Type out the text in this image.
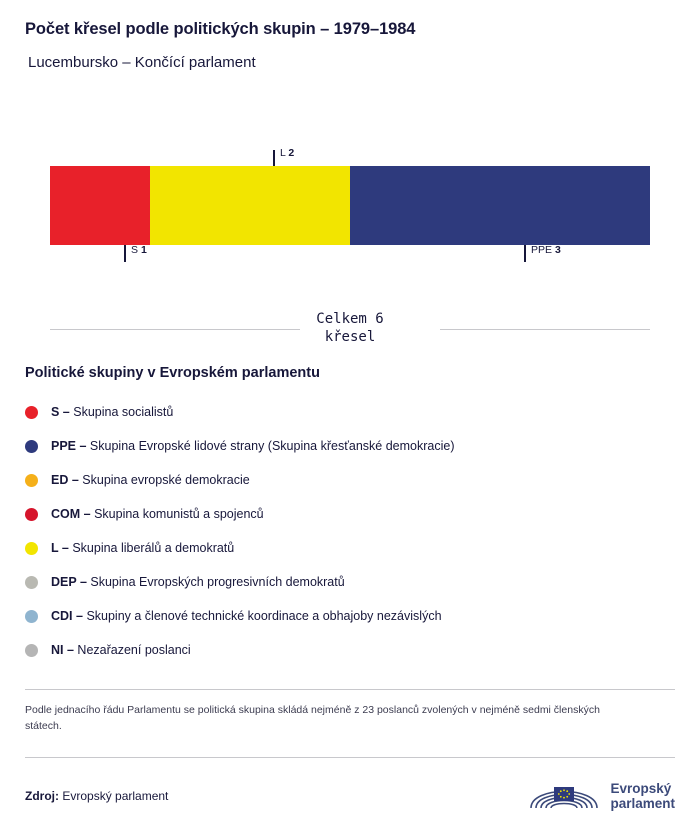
Počet křesel podle politických skupin – 1979–1984
Lucembursko – Končící parlament
L 2
S 1	PPE 3
Celkem 6
křesel
Politické skupiny v Evropském parlamentu
S – Skupina socialistů
PPE – Skupina Evropské lidové strany (Skupina křesťanské demokracie)
ED – Skupina evropské demokracie
COM – Skupina komunistů a spojenců
L – Skupina liberálů a demokratů
DEP – Skupina Evropských progresivních demokratů
CDI – Skupiny a členové technické koordinace a obhajoby nezávislých
NI – Nezařazení poslanci

Podle jednacího řádu Parlamentu se politická skupina skládá nejméně z 23 poslanců zvolených v nejméně sedmi členských státech.

Zdroj: Evropský parlament
Evropský
parlament
